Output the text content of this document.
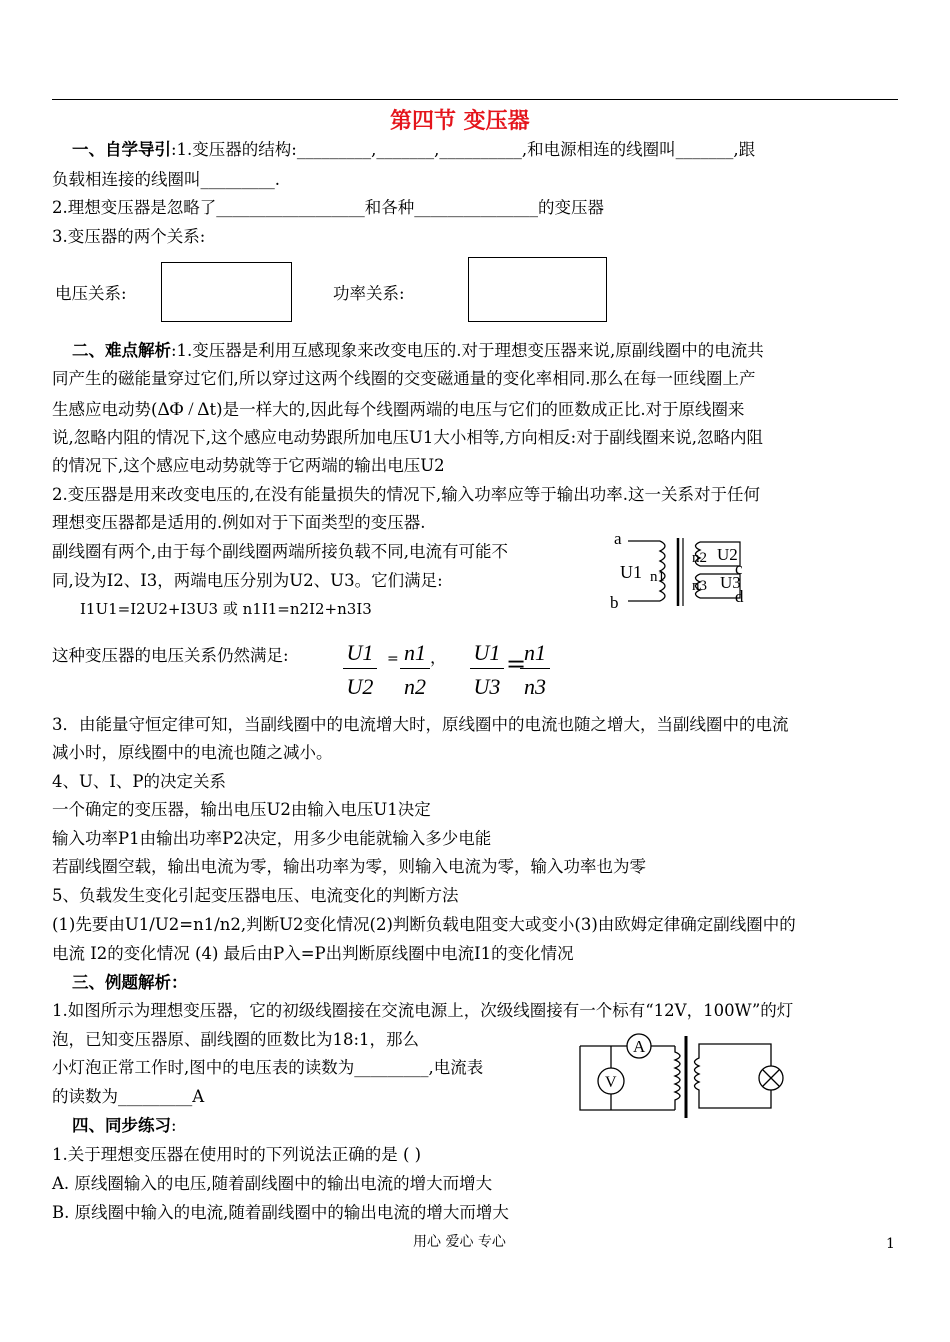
第四节 变压器
一、自学导引:1.变压器的结构:_________,_______,__________,和电源相连的线圈叫_______,跟
负载相连接的线圈叫_________.
2.理想变压器是忽略了__________________和各种_______________的变压器
3.变压器的两个关系:
电压关系:	功率关系:
二、难点解析:1.变压器是利用互感现象来改变电压的.对于理想变压器来说,原副线圈中的电流共
同产生的磁能量穿过它们,所以穿过这两个线圈的交变磁通量的变化率相同.那么在每一匝线圈上产
生感应电动势(ΔΦ / Δt)是一样大的,因此每个线圈两端的电压与它们的匝数成正比.对于原线圈来
说,忽略内阻的情况下,这个感应电动势跟所加电压U1大小相等,方向相反:对于副线圈来说,忽略内阻
的情况下,这个感应电动势就等于它两端的输出电压U2
2.变压器是用来改变电压的,在没有能量损失的情况下,输入功率应等于输出功率.这一关系对于任何
理想变压器都是适用的.例如对于下面类型的变压器.
副线圈有两个,由于每个副线圈两端所接负载不同,电流有可能不
同,设为I2、I3，两端电压分别为U2、U3。它们满足:
I1U1=I2U2+I3U3 或 n1I1=n2I2+n3I3
a
b
U1 n1
n2 U2
c
n3 U3
d
这种变压器的电压关系仍然满足:	U1
U2
= n1
n2
， U1
U3
=
n1
n3
3．由能量守恒定律可知，当副线圈中的电流增大时，原线圈中的电流也随之增大，当副线圈中的电流
减小时，原线圈中的电流也随之减小。
4、U、I、P的决定关系
一个确定的变压器，输出电压U2由输入电压U1决定
输入功率P1由输出功率P2决定，用多少电能就输入多少电能
若副线圈空载，输出电流为零，输出功率为零，则输入电流为零，输入功率也为零
5、负载发生变化引起变压器电压、电流变化的判断方法
(1)先要由U1/U2=n1/n2,判断U2变化情况(2)判断负载电阻变大或变小(3)由欧姆定律确定副线圈中的
电流 I2的变化情况 (4) 最后由P入=P出判断原线圈中电流I1的变化情况
三、例题解析：
1.如图所示为理想变压器，它的初级线圈接在交流电源上，次级线圈接有一个标有“12V，100W”的灯
泡，已知变压器原、副线圈的匝数比为18:1，那么
小灯泡正常工作时,图中的电压表的读数为_________,电流表
的读数为_________A
A
V
四、同步练习:
1.关于理想变压器在使用时的下列说法正确的是 ( )
A. 原线圈输入的电压,随着副线圈中的输出电流的增大而增大
B. 原线圈中输入的电流,随着副线圈中的输出电流的增大而增大
用心 爱心 专心	1
